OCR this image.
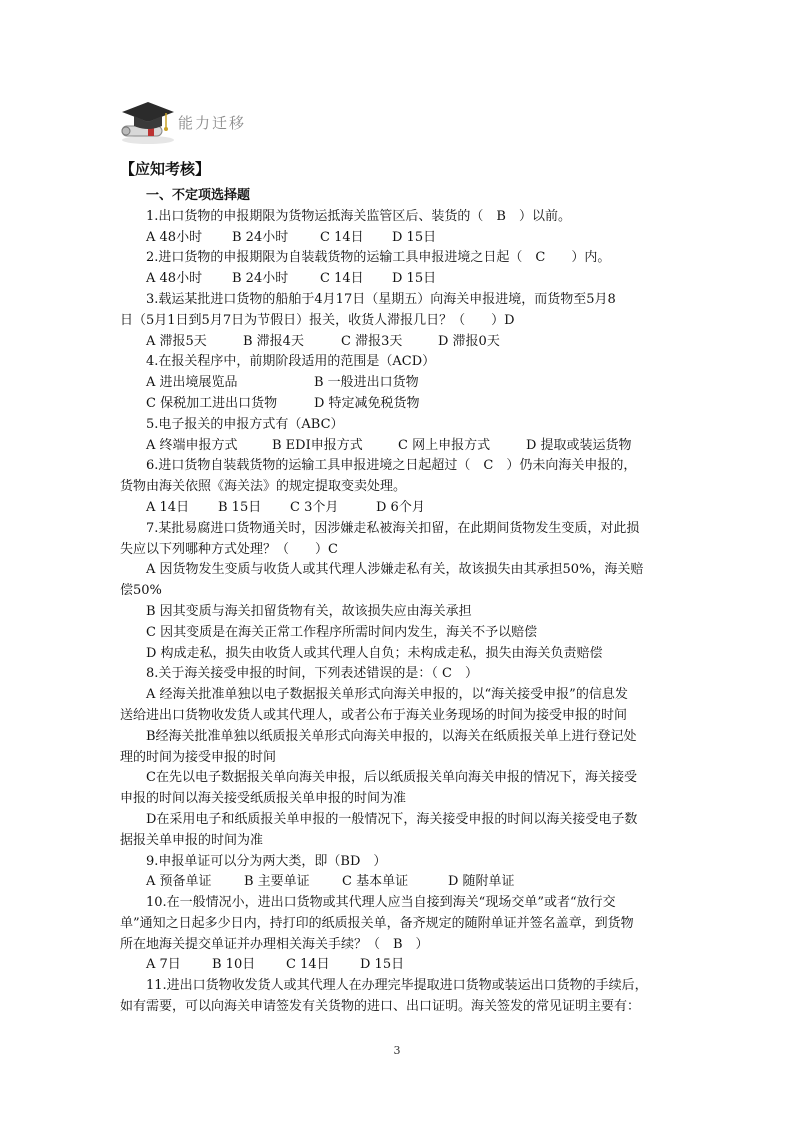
能力迁移
【应知考核】
一、不定项选择题
1.出口货物的申报期限为货物运抵海关监管区后、装货的（　B　）以前。
A 48小时 B 24小时 C 14日 D 15日
2.进口货物的申报期限为自装载货物的运输工具申报进境之日起（　C　　）内。
A 48小时 B 24小时 C 14日 D 15日
3.载运某批进口货物的船舶于4月17日（星期五）向海关申报进境，而货物至5月8
日（5月1日到5月7日为节假日）报关，收货人滞报几日？（　　）D
A 滞报5天	B 滞报4天	C 滞报3天	D 滞报0天
4.在报关程序中，前期阶段适用的范围是（ACD）
A 进出境展览品	B 一般进出口货物
C 保税加工进出口货物	D 特定减免税货物
5.电子报关的申报方式有（ABC）
A 终端申报方式	B EDI申报方式	C 网上申报方式	D 提取或装运货物
6.进口货物自装载货物的运输工具申报进境之日起超过（　C　）仍未向海关申报的，
货物由海关依照《海关法》的规定提取变卖处理。
A 14日 B 15日 C 3个月	D 6个月
7.某批易腐进口货物通关时，因涉嫌走私被海关扣留，在此期间货物发生变质，对此损
失应以下列哪种方式处理？（　　）C
A 因货物发生变质与收货人或其代理人涉嫌走私有关，故该损失由其承担50%，海关赔
偿50%
B 因其变质与海关扣留货物有关，故该损失应由海关承担
C 因其变质是在海关正常工作程序所需时间内发生，海关不予以赔偿
D 构成走私，损失由收货人或其代理人自负；未构成走私，损失由海关负责赔偿
8.关于海关接受申报的时间，下列表述错误的是：（ C　）
A 经海关批准单独以电子数据报关单形式向海关申报的，以“海关接受申报”的信息发
送给进出口货物收发货人或其代理人，或者公布于海关业务现场的时间为接受申报的时间
B经海关批准单独以纸质报关单形式向海关申报的，以海关在纸质报关单上进行登记处
理的时间为接受申报的时间
C在先以电子数据报关单向海关申报，后以纸质报关单向海关申报的情况下，海关接受
申报的时间以海关接受纸质报关单申报的时间为准
D在采用电子和纸质报关单申报的一般情况下，海关接受申报的时间以海关接受电子数
据报关单申报的时间为准
9.申报单证可以分为两大类，即（BD　）
A 预备单证 B 主要单证 C 基本单证	D 随附单证
10.在一般情况小，进出口货物或其代理人应当自接到海关“现场交单”或者“放行交
单”通知之日起多少日内，持打印的纸质报关单，备齐规定的随附单证并签名盖章，到货物
所在地海关提交单证并办理相关海关手续？（　B　）
A 7日 B 10日 C 14日 D 15日
11.进出口货物收发货人或其代理人在办理完毕提取进口货物或装运出口货物的手续后，
如有需要，可以向海关申请签发有关货物的进口、出口证明。海关签发的常见证明主要有：
3
